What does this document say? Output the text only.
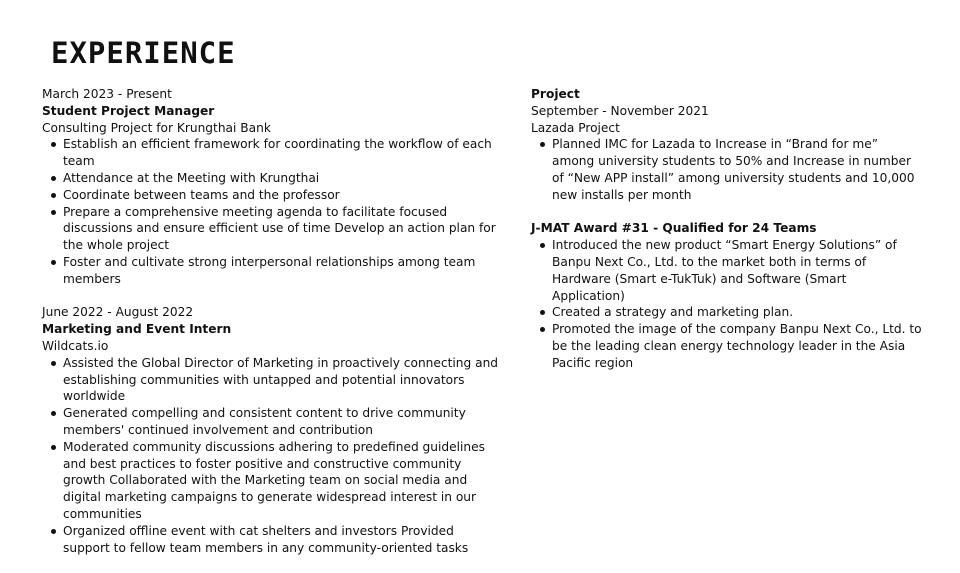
EXPERIENCE

March 2023 - Present

Student Project Manager

Consulting Project for Krungthai Bank

Establish an efficient framework for coordinating the workflow of each team
Attendance at the Meeting with Krungthai
Coordinate between teams and the professor
Prepare a comprehensive meeting agenda to facilitate focused discussions and ensure efficient use of time Develop an action plan for the whole project
Foster and cultivate strong interpersonal relationships among team members

June 2022 - August 2022

Marketing and Event Intern

Wildcats.io

Assisted the Global Director of Marketing in proactively connecting and establishing communities with untapped and potential innovators worldwide
Generated compelling and consistent content to drive community members' continued involvement and contribution
Moderated community discussions adhering to predefined guidelines and best practices to foster positive and constructive community growth Collaborated with the Marketing team on social media and digital marketing campaigns to generate widespread interest in our communities
Organized offline event with cat shelters and investors Provided support to fellow team members in any community-oriented tasks

Project

September - November 2021

Lazada Project

Planned IMC for Lazada to Increase in “Brand for me” among university students to 50% and Increase in number of “New APP install” among university students and 10,000 new installs per month

J-MAT Award #31 - Qualified for 24 Teams

Introduced the new product “Smart Energy Solutions” of Banpu Next Co., Ltd. to the market both in terms of Hardware (Smart e-TukTuk) and Software (Smart Application)
Created a strategy and marketing plan.
Promoted the image of the company Banpu Next Co., Ltd. to be the leading clean energy technology leader in the Asia Pacific region
